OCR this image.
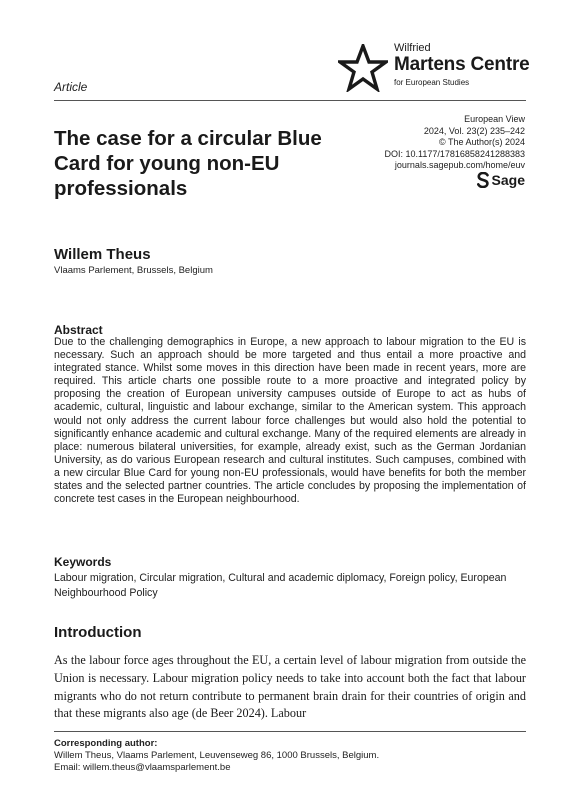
Article
Wilfried
Martens Centre
for European Studies
European View
2024, Vol. 23(2) 235–242
© The Author(s) 2024
DOI: 10.1177/17816858241288383
journals.sagepub.com/home/euv
Sage
The case for a circular Blue Card for young non-EU professionals
Willem Theus
Vlaams Parlement, Brussels, Belgium
Abstract
Due to the challenging demographics in Europe, a new approach to labour migration to the EU is necessary. Such an approach should be more targeted and thus entail a more proactive and integrated stance. Whilst some moves in this direction have been made in recent years, more are required. This article charts one possible route to a more proactive and integrated policy by proposing the creation of European university campuses outside of Europe to act as hubs of academic, cultural, linguistic and labour exchange, similar to the American system. This approach would not only address the current labour force challenges but would also hold the potential to significantly enhance academic and cultural exchange. Many of the required elements are already in place: numerous bilateral universities, for example, already exist, such as the German Jordanian University, as do various European research and cultural institutes. Such campuses, combined with a new circular Blue Card for young non-EU professionals, would have benefits for both the member states and the selected partner countries. The article concludes by proposing the implementation of concrete test cases in the European neighbourhood.
Keywords
Labour migration, Circular migration, Cultural and academic diplomacy, Foreign policy, European Neighbourhood Policy
Introduction
As the labour force ages throughout the EU, a certain level of labour migration from outside the Union is necessary. Labour migration policy needs to take into account both the fact that labour migrants who do not return contribute to permanent brain drain for their countries of origin and that these migrants also age (de Beer 2024). Labour
Corresponding author:
Willem Theus, Vlaams Parlement, Leuvenseweg 86, 1000 Brussels, Belgium.
Email: willem.theus@vlaamsparlement.be
